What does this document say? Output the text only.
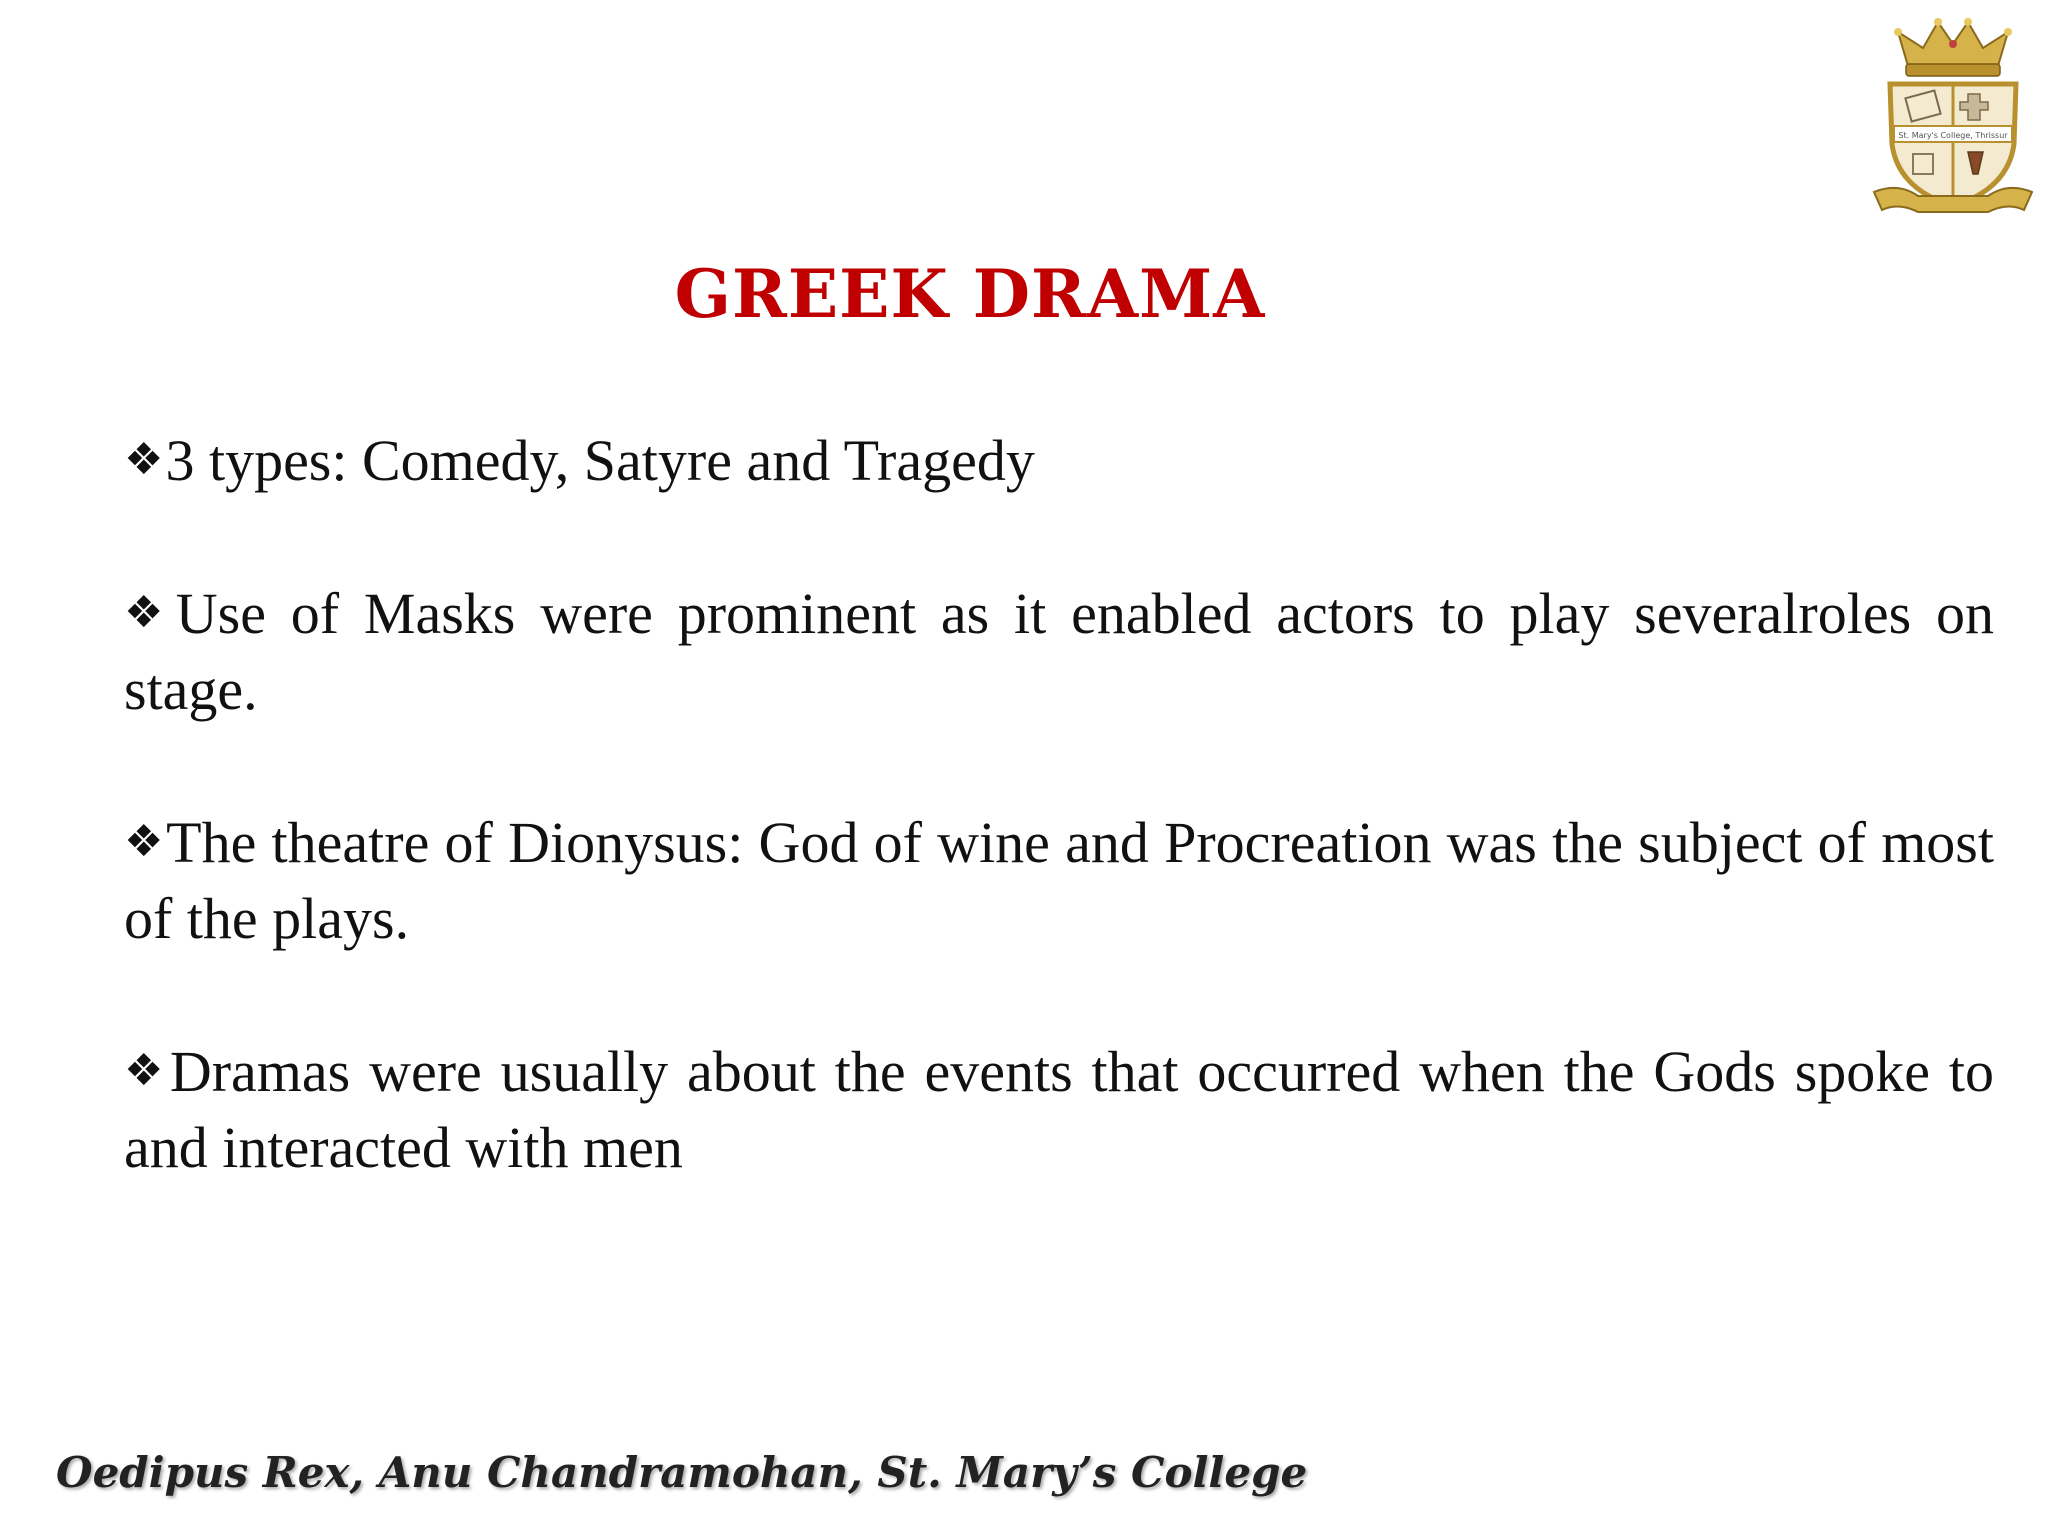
St. Mary's College, Thrissur
GREEK DRAMA

❖3 types: Comedy, Satyre and Tragedy

❖Use of Masks were prominent as it enabled actors to play severalroles on stage.

❖The theatre of Dionysus: God of wine and Procreation was the subject of most of the plays.

❖Dramas were usually about the events that occurred when the Gods spoke to and interacted with men

Oedipus Rex, Anu Chandramohan, St. Mary’s College
